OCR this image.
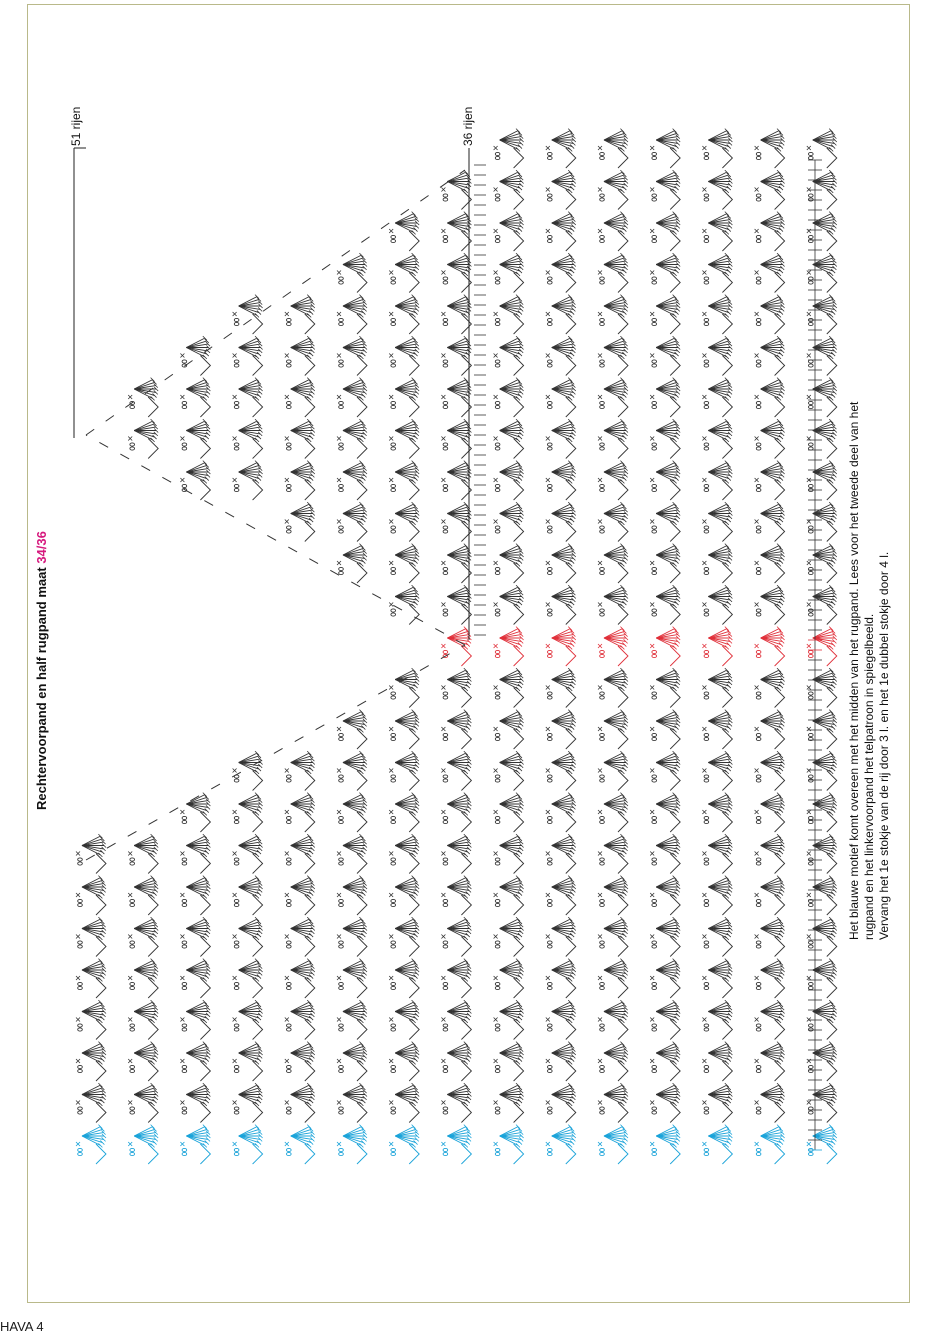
Rechtervoorpand en half rugpand maat 34/36
51 rijen	36 rijen
Het blauwe motief komt overeen met het midden van het rugpand. Lees voor het tweede deel van het rugpand en het linkervoorpand het telpatroon in spiegelbeeld. Vervang het 1e stokje van de rij door 3 l. en het 1e dubbel stokje door 4 l.
HAVA 4
